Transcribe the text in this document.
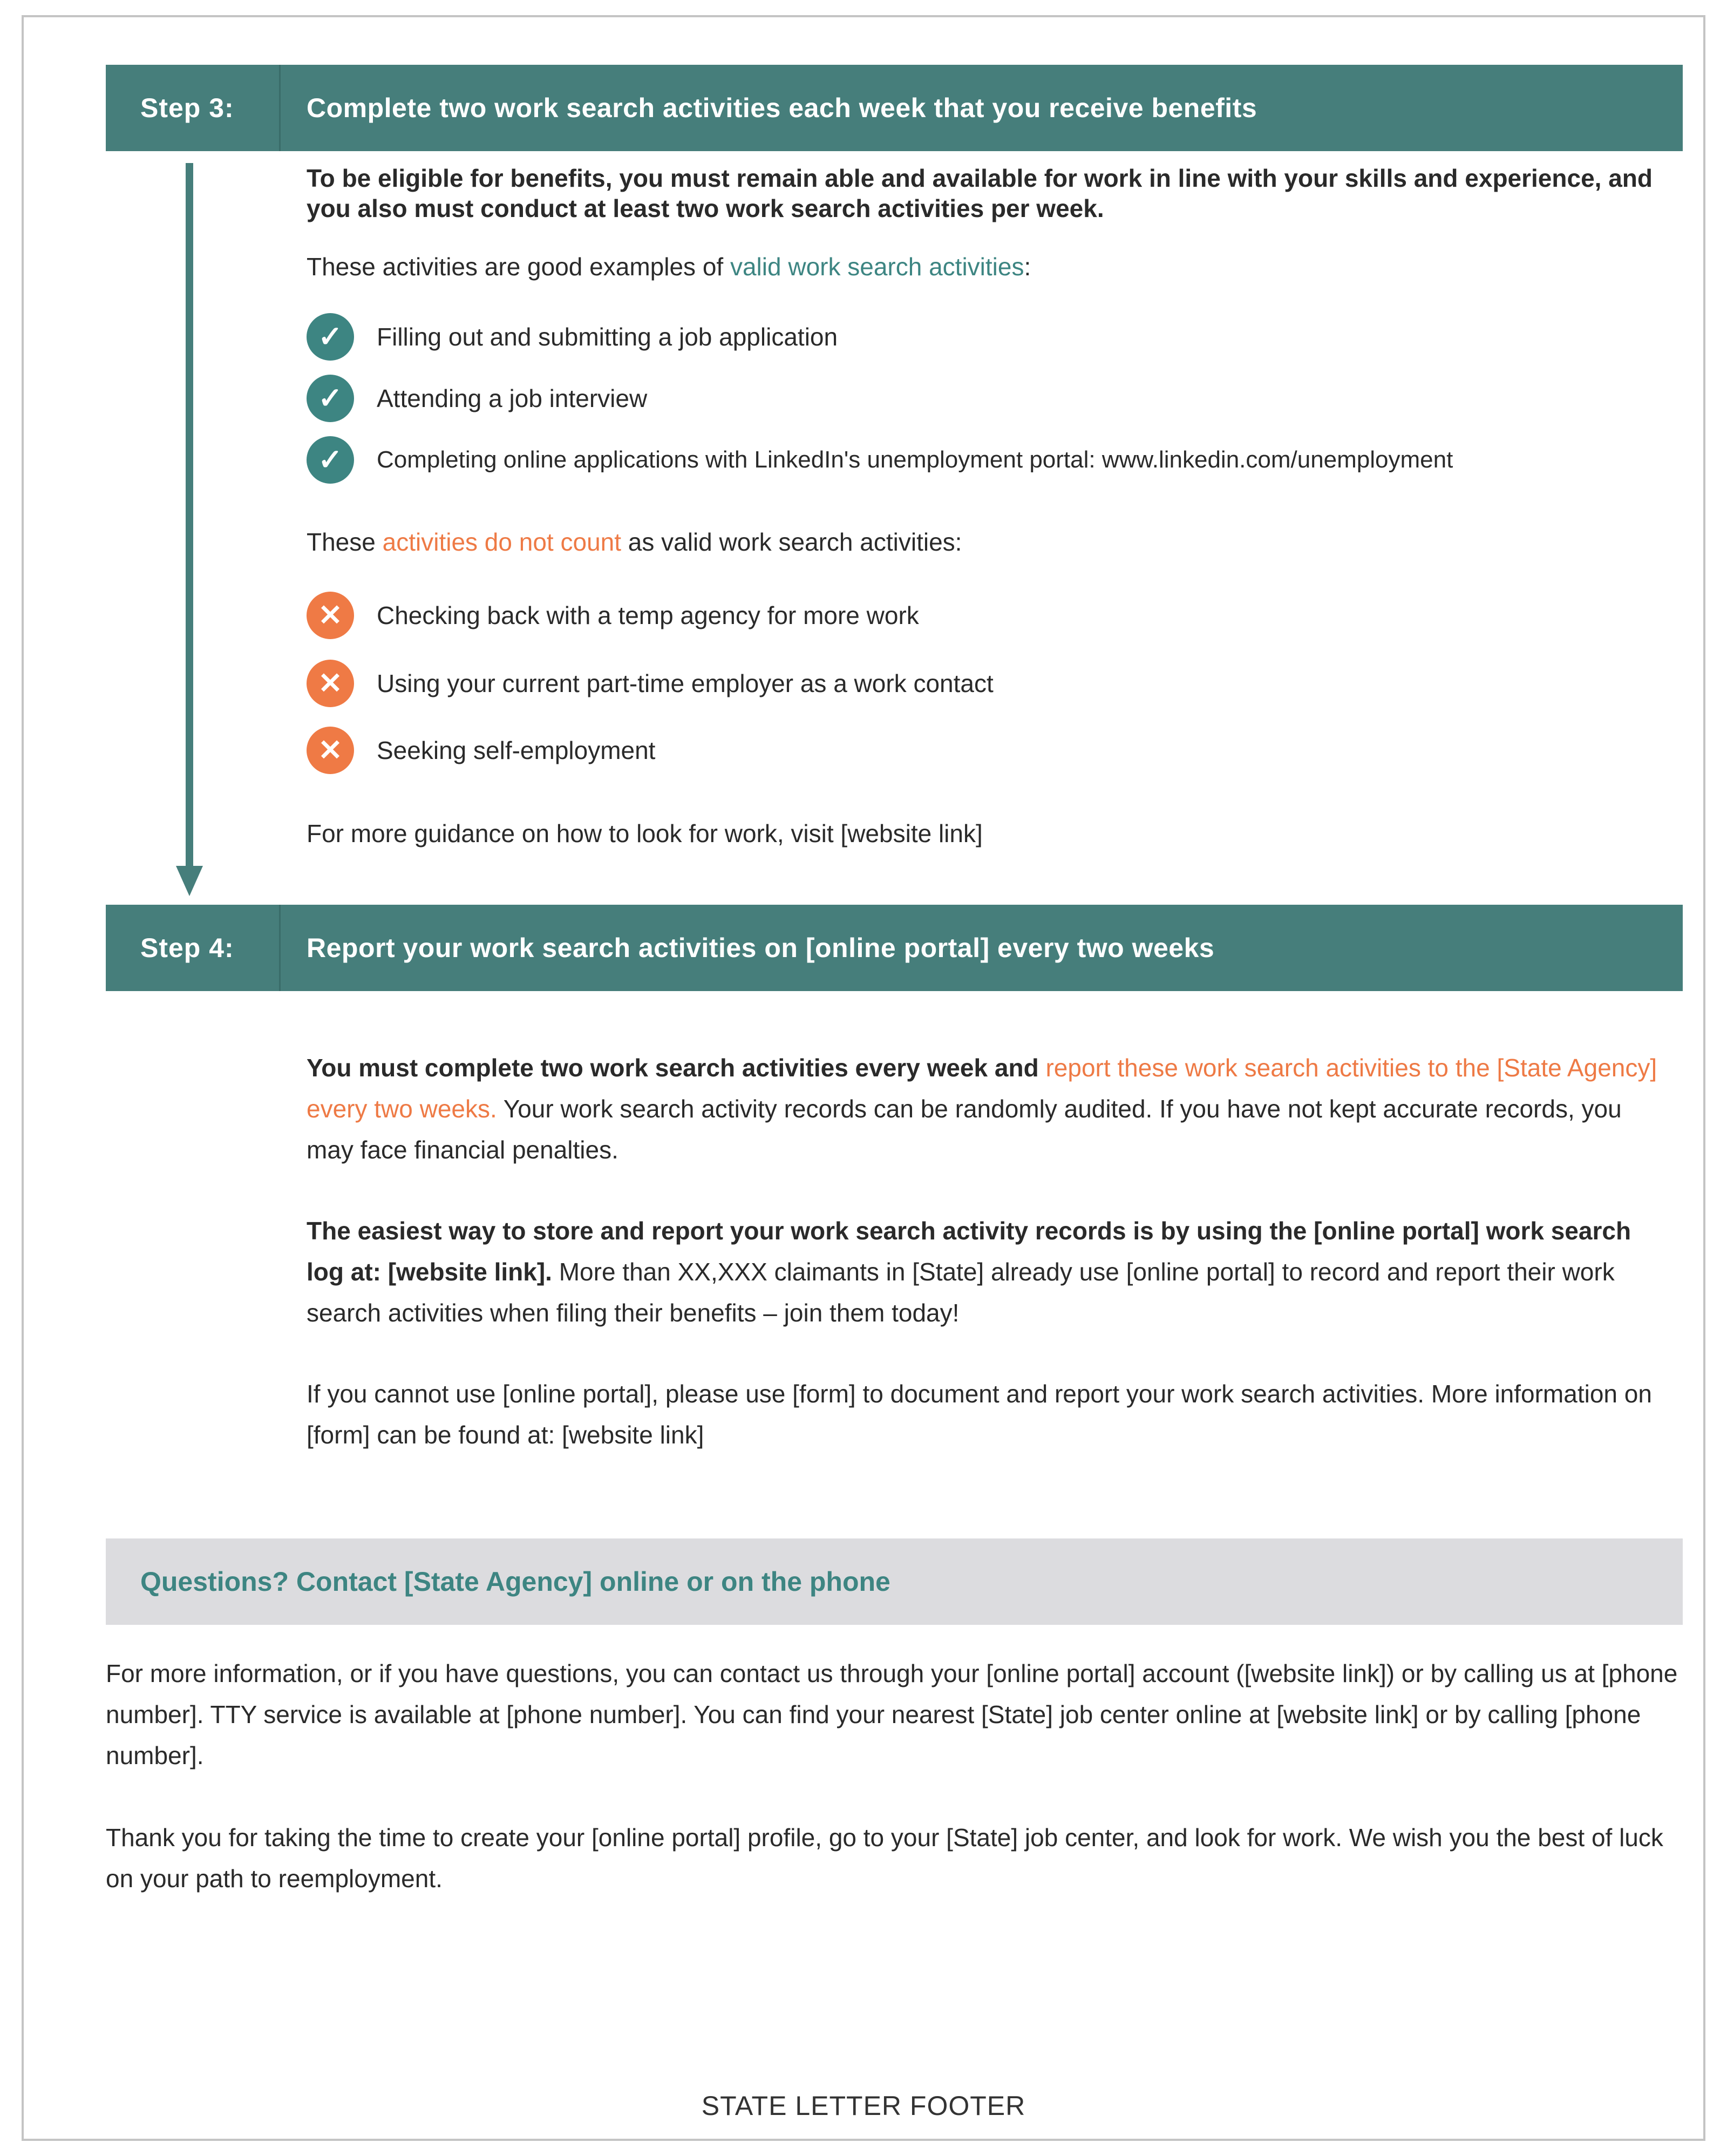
Step 3:	Complete two work search activities each week that you receive benefits
To be eligible for benefits, you must remain able and available for work in line with your skills and experience, and you also must conduct at least two work search activities per week.
These activities are good examples of valid work search activities:
✓	Filling out and submitting a job application
✓	Attending a job interview
✓	Completing online applications with LinkedIn's unemployment portal: www.linkedin.com/unemployment
These activities do not count as valid work search activities:
✕	Checking back with a temp agency for more work
✕	Using your current part-time employer as a work contact
✕	Seeking self-employment
For more guidance on how to look for work, visit [website link]
Step 4:	Report your work search activities on [online portal] every two weeks
You must complete two work search activities every week and report these work search activities to the [State Agency] every two weeks. Your work search activity records can be randomly audited. If you have not kept accurate records, you may face financial penalties.
The easiest way to store and report your work search activity records is by using the [online portal] work search log at: [website link]. More than XX,XXX claimants in [State] already use [online portal] to record and report their work search activities when filing their benefits – join them today!
If you cannot use [online portal], please use [form] to document and report your work search activities. More information on [form] can be found at: [website link]
Questions? Contact [State Agency] online or on the phone
For more information, or if you have questions, you can contact us through your [online portal] account ([website link]) or by calling us at [phone number]. TTY service is available at [phone number]. You can find your nearest [State] job center online at [website link] or by calling [phone number].
Thank you for taking the time to create your [online portal] profile, go to your [State] job center, and look for work. We wish you the best of luck on your path to reemployment.
STATE LETTER FOOTER
